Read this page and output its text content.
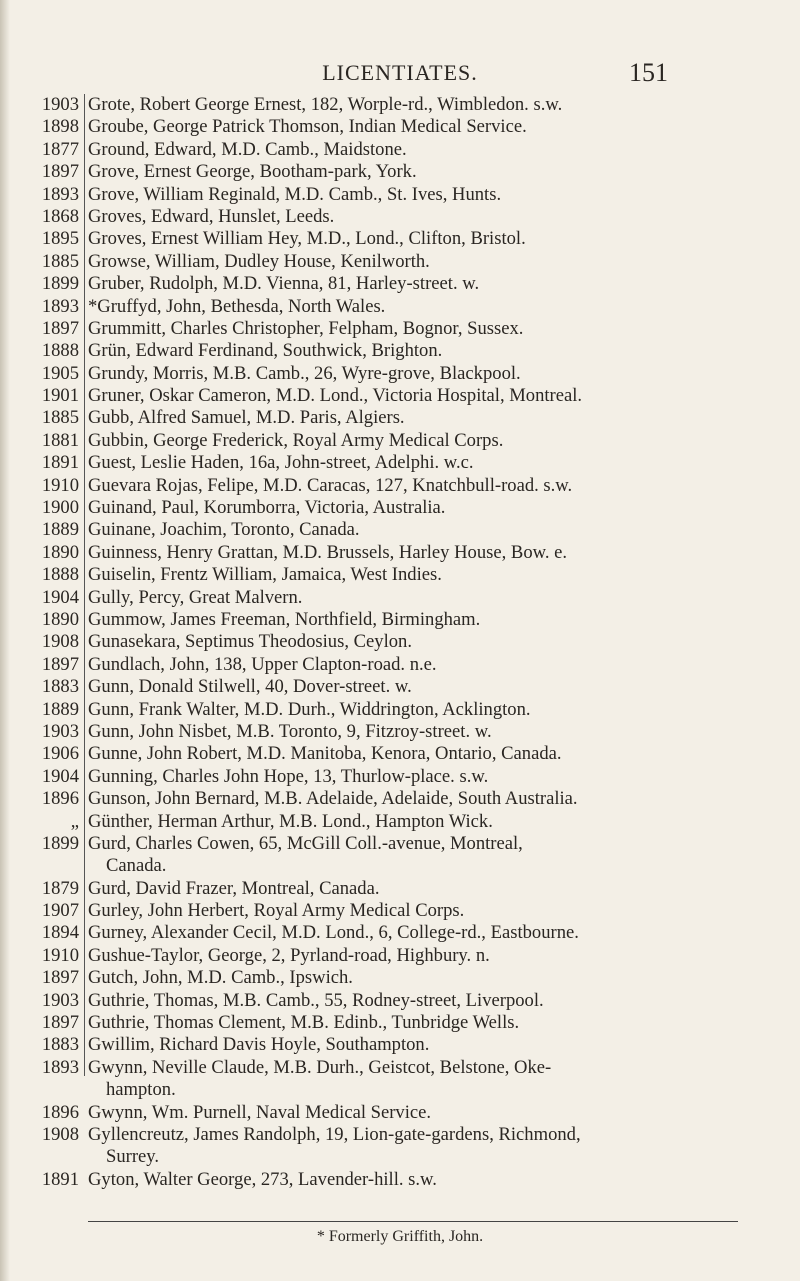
LICENTIATES.	151
1903 Grote, Robert George Ernest, 182, Worple-rd., Wimbledon. s.w.
1898 Groube, George Patrick Thomson, Indian Medical Service.
1877 Ground, Edward, M.D. Camb., Maidstone.
1897 Grove, Ernest George, Bootham-park, York.
1893 Grove, William Reginald, M.D. Camb., St. Ives, Hunts.
1868 Groves, Edward, Hunslet, Leeds.
1895 Groves, Ernest William Hey, M.D., Lond., Clifton, Bristol.
1885 Growse, William, Dudley House, Kenilworth.
1899 Gruber, Rudolph, M.D. Vienna, 81, Harley-street. w.
1893 *Gruffyd, John, Bethesda, North Wales.
1897 Grummitt, Charles Christopher, Felpham, Bognor, Sussex.
1888 Grün, Edward Ferdinand, Southwick, Brighton.
1905 Grundy, Morris, M.B. Camb., 26, Wyre-grove, Blackpool.
1901 Gruner, Oskar Cameron, M.D. Lond., Victoria Hospital, Montreal.
1885 Gubb, Alfred Samuel, M.D. Paris, Algiers.
1881 Gubbin, George Frederick, Royal Army Medical Corps.
1891 Guest, Leslie Haden, 16a, John-street, Adelphi. w.c.
1910 Guevara Rojas, Felipe, M.D. Caracas, 127, Knatchbull-road. s.w.
1900 Guinand, Paul, Korumborra, Victoria, Australia.
1889 Guinane, Joachim, Toronto, Canada.
1890 Guinness, Henry Grattan, M.D. Brussels, Harley House, Bow. e.
1888 Guiselin, Frentz William, Jamaica, West Indies.
1904 Gully, Percy, Great Malvern.
1890 Gummow, James Freeman, Northfield, Birmingham.
1908 Gunasekara, Septimus Theodosius, Ceylon.
1897 Gundlach, John, 138, Upper Clapton-road. n.e.
1883 Gunn, Donald Stilwell, 40, Dover-street. w.
1889 Gunn, Frank Walter, M.D. Durh., Widdrington, Acklington.
1903 Gunn, John Nisbet, M.B. Toronto, 9, Fitzroy-street. w.
1906 Gunne, John Robert, M.D. Manitoba, Kenora, Ontario, Canada.
1904 Gunning, Charles John Hope, 13, Thurlow-place. s.w.
1896 Gunson, John Bernard, M.B. Adelaide, Adelaide, South Australia.
„ Günther, Herman Arthur, M.B. Lond., Hampton Wick.
1899 Gurd, Charles Cowen, 65, McGill Coll.-avenue, Montreal,
Canada.
1879 Gurd, David Frazer, Montreal, Canada.
1907 Gurley, John Herbert, Royal Army Medical Corps.
1894 Gurney, Alexander Cecil, M.D. Lond., 6, College-rd., Eastbourne.
1910 Gushue-Taylor, George, 2, Pyrland-road, Highbury. n.
1897 Gutch, John, M.D. Camb., Ipswich.
1903 Guthrie, Thomas, M.B. Camb., 55, Rodney-street, Liverpool.
1897 Guthrie, Thomas Clement, M.B. Edinb., Tunbridge Wells.
1883 Gwillim, Richard Davis Hoyle, Southampton.
1893 Gwynn, Neville Claude, M.B. Durh., Geistcot, Belstone, Oke-
hampton.
1896 Gwynn, Wm. Purnell, Naval Medical Service.
1908 Gyllencreutz, James Randolph, 19, Lion-gate-gardens, Richmond,
Surrey.
1891 Gyton, Walter George, 273, Lavender-hill. s.w.
* Formerly Griffith, John.
